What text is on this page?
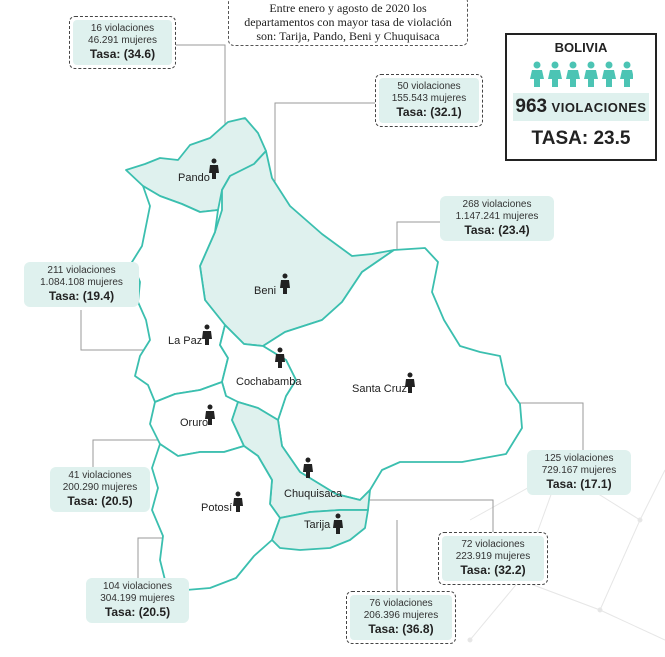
Pando
Beni
La Paz
Cochabamba
Santa Cruz
Oruro
Chuquisaca
Potosí
Tarija
Entre enero y agosto de 2020 los departamentos con mayor tasa de violación son: Tarija, Pando, Beni y Chuquisaca
BOLIVIA
963 VIOLACIONES
TASA: 23.5
16 violaciones
46.291 mujeres
Tasa: (34.6)
50 violaciones
155.543 mujeres
Tasa: (32.1)
268 violaciones
1.147.241 mujeres
Tasa: (23.4)
211 violaciones
1.084.108 mujeres
Tasa: (19.4)
125 violaciones
729.167 mujeres
Tasa: (17.1)
41 violaciones
200.290 mujeres
Tasa: (20.5)
72 violaciones
223.919 mujeres
Tasa: (32.2)
104 violaciones
304.199 mujeres
Tasa: (20.5)
76 violaciones
206.396 mujeres
Tasa: (36.8)
